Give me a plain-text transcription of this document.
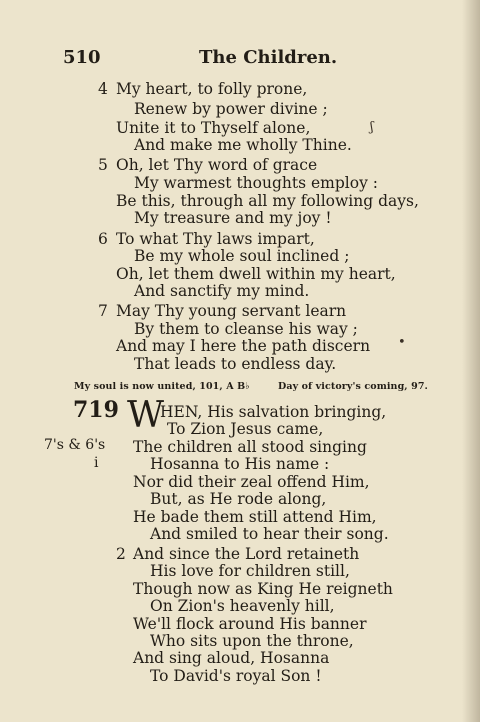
510	The Children.
4 My heart, to folly prone,
Renew by power divine ;
Unite it to Thyself alone,
And make me wholly Thine.
5 Oh, let Thy word of grace
My warmest thoughts employ :
Be this, through all my following days,
My treasure and my joy !
6 To what Thy laws impart,
Be my whole soul inclined ;
Oh, let them dwell within my heart,
And sanctify my mind.
7 May Thy young servant learn
By them to cleanse his way ;
And may I here the path discern
That leads to endless day.
ʃ
•
My soul is now united, 101, A B♭	Day of victory's coming, 97.
719 W
HEN, His salvation bringing,
7's & 6's
i
To Zion Jesus came,
The children all stood singing
Hosanna to His name :
Nor did their zeal offend Him,
But, as He rode along,
He bade them still attend Him,
And smiled to hear their song.
2 And since the Lord retaineth
His love for children still,
Though now as King He reigneth
On Zion's heavenly hill,
We'll flock around His banner
Who sits upon the throne,
And sing aloud, Hosanna
To David's royal Son !
